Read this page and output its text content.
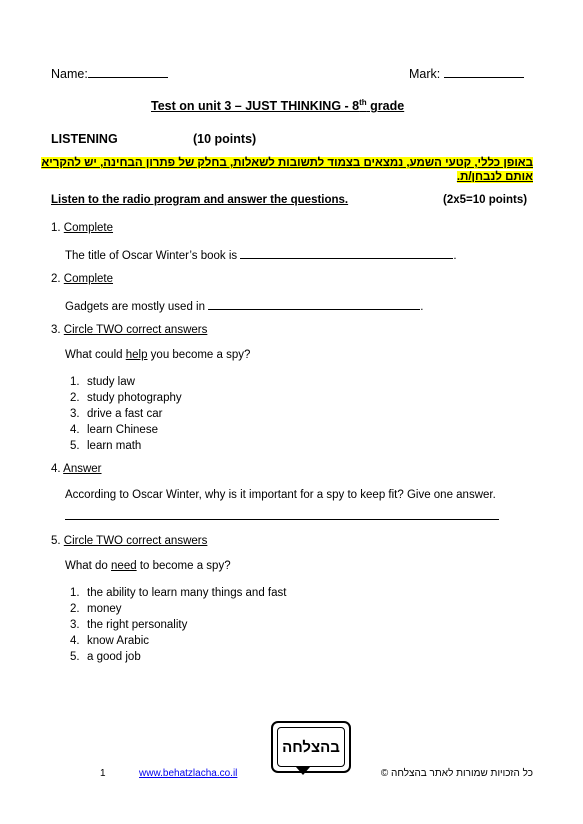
Name:	Mark:
Test on unit 3 – JUST THINKING - 8th grade
LISTENING	(10 points)
באופן כללי, קטעי השמע, נמצאים בצמוד לתשובות לשאלות, בחלק של פתרון הבחינה, יש להקריא
אותם לנבחן/ת.
Listen to the radio program and answer the questions.	(2x5=10 points)
1. Complete
The title of Oscar Winter’s book is	.
2. Complete
Gadgets are mostly used in	.
3. Circle TWO correct answers
What could help you become a spy?
1. study law
2. study photography
3. drive a fast car
4. learn Chinese
5. learn math
4. Answer
According to Oscar Winter, why is it important for a spy to keep fit? Give one answer.
5. Circle TWO correct answers
What do need to become a spy?
1. the ability to learn many things and fast
2. money
3. the right personality
4. know Arabic
5. a good job
בהצלחה
1	www.behatzlacha.co.il	כל הזכויות שמורות לאתר בהצלחה ©
